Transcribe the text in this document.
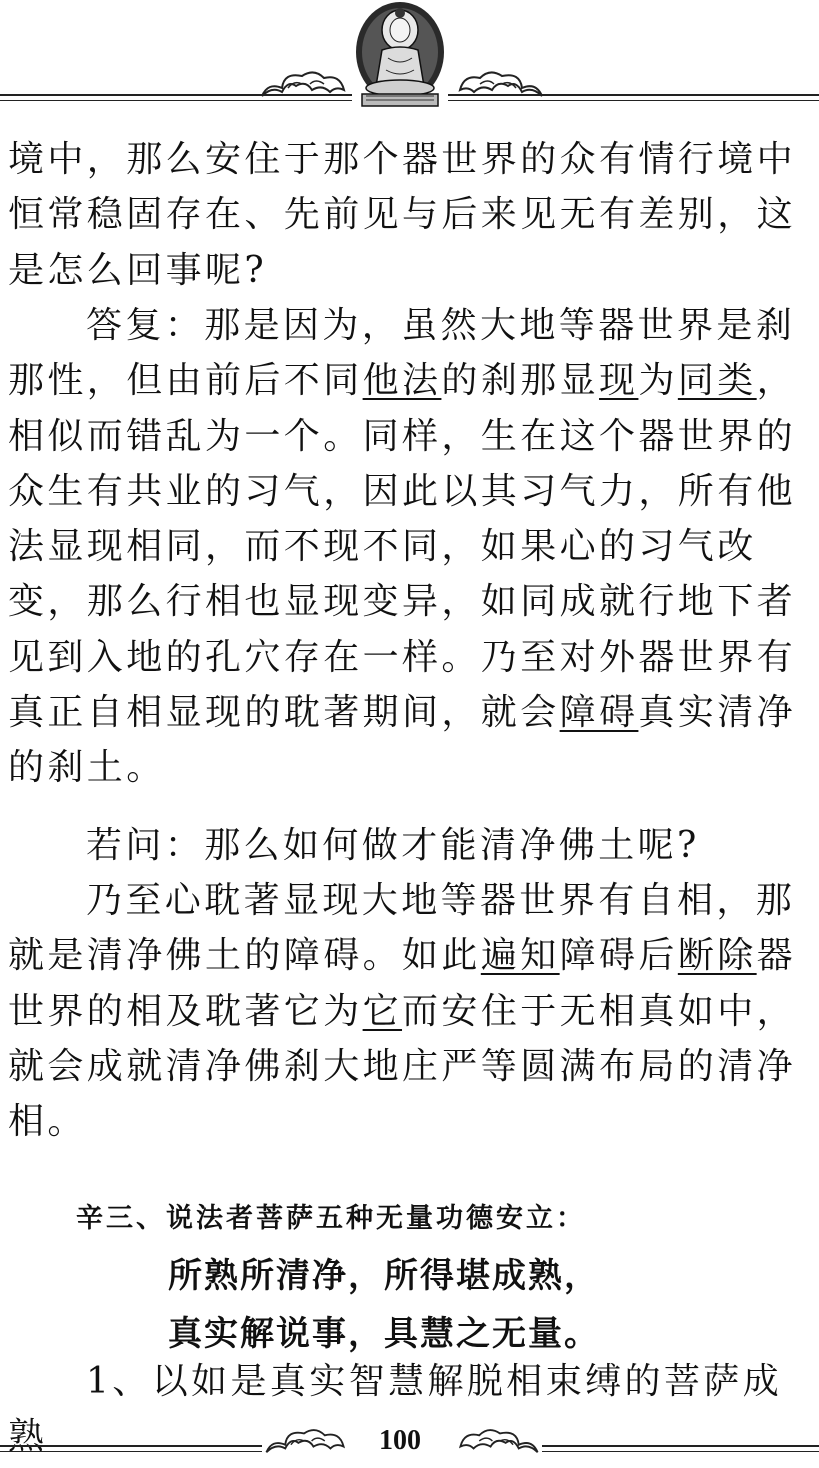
境中，那么安住于那个器世界的众有情行境中恒常稳固存在、先前见与后来见无有差别，这是怎么回事呢?

答复：那是因为，虽然大地等器世界是刹那性，但由前后不同他法的刹那显现为同类，相似而错乱为一个。同样，生在这个器世界的众生有共业的习气，因此以其习气力，所有他法显现相同，而不现不同，如果心的习气改变，那么行相也显现变异，如同成就行地下者见到入地的孔穴存在一样。乃至对外器世界有真正自相显现的耽著期间，就会障碍真实清净的刹土。

若问：那么如何做才能清净佛土呢?

乃至心耽著显现大地等器世界有自相，那就是清净佛土的障碍。如此遍知障碍后断除器世界的相及耽著它为它而安住于无相真如中，就会成就清净佛刹大地庄严等圆满布局的清净相。

1、以如是真实智慧解脱相束缚的菩萨成熟

辛三、说法者菩萨五种无量功德安立：
所熟所清净，所得堪成熟，
真实解说事，具慧之无量。
100
